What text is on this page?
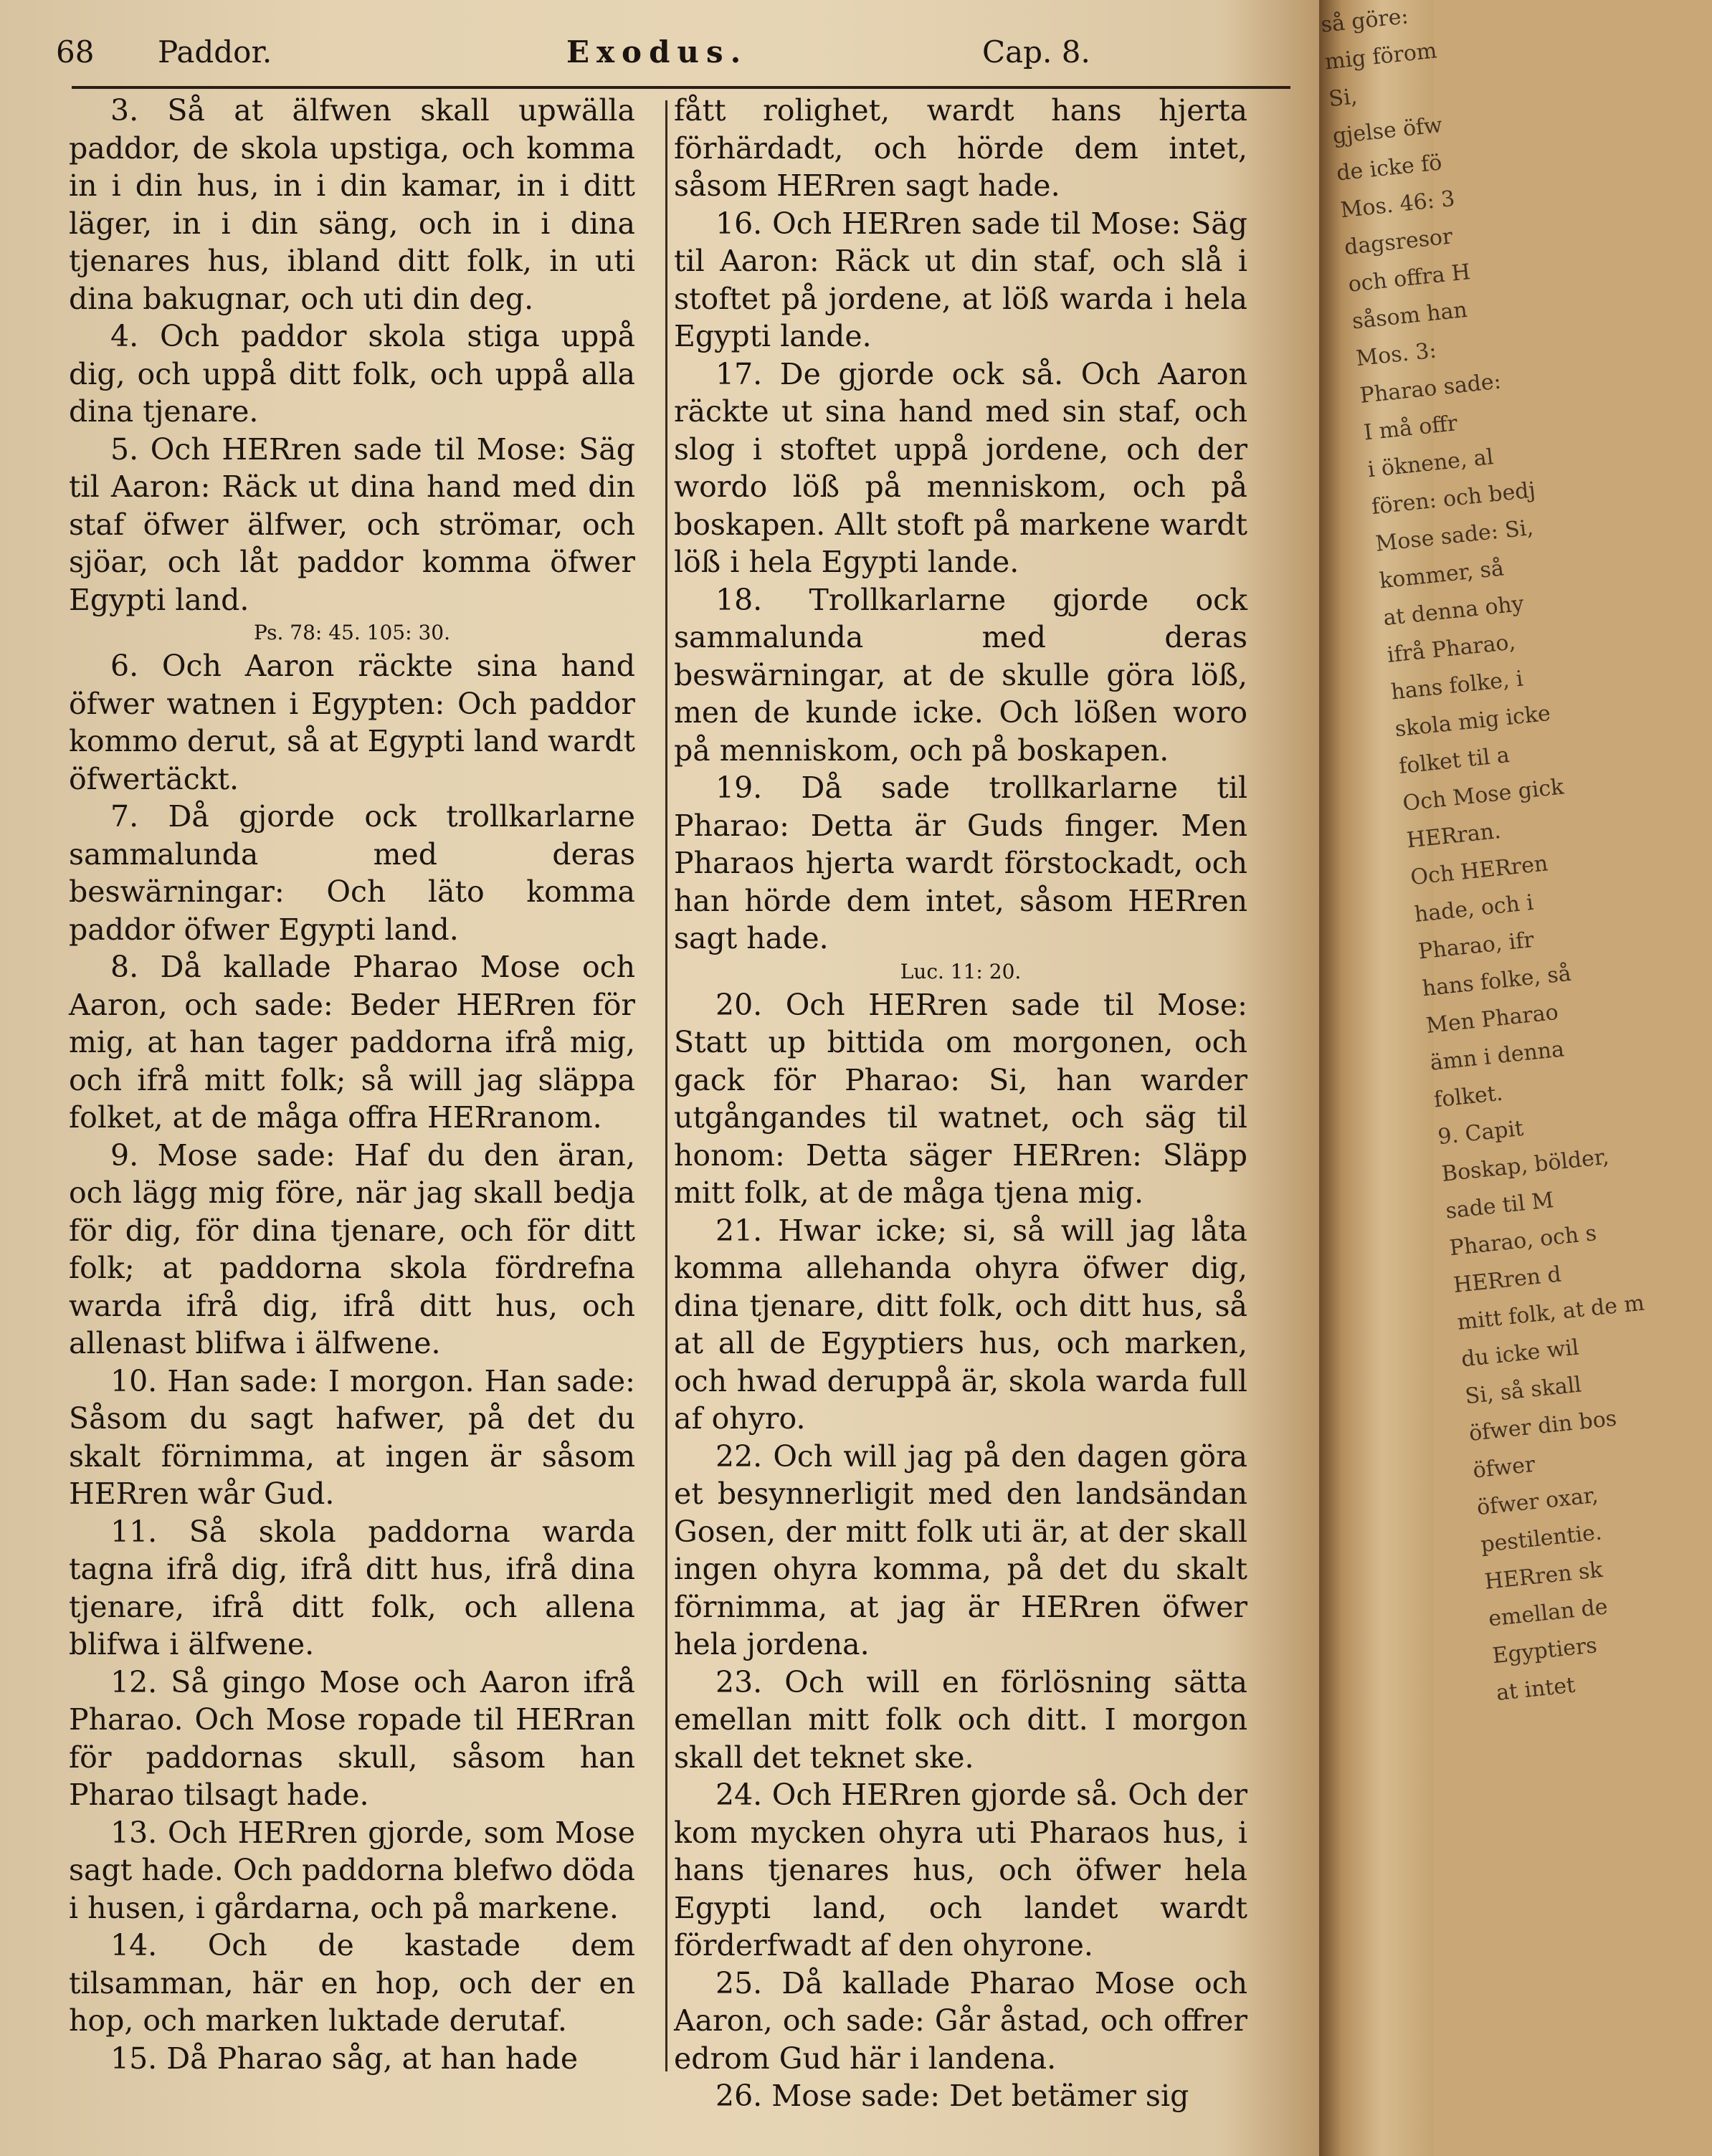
68 Paddor.	Exodus.	Cap. 8.

3. Så at älfwen skall upwälla paddor, de skola upstiga, och komma in i din hus, in i din kamar, in i ditt läger, in i din säng, och in i dina tjenares hus, ibland ditt folk, in uti dina bakugnar, och uti din deg.

4. Och paddor skola stiga uppå dig, och uppå ditt folk, och uppå alla dina tjenare.

5. Och HERren sade til Mose: Säg til Aaron: Räck ut dina hand med din staf öfwer älfwer, och strömar, och sjöar, och låt paddor komma öfwer Egypti land.

Ps. 78: 45. 105: 30.

6. Och Aaron räckte sina hand öfwer watnen i Egypten: Och paddor kommo derut, så at Egypti land wardt öfwertäckt.

7. Då gjorde ock trollkarlarne sammalunda med deras beswärningar: Och läto komma paddor öfwer Egypti land.

8. Då kallade Pharao Mose och Aaron, och sade: Beder HERren för mig, at han tager paddorna ifrå mig, och ifrå mitt folk; så will jag släppa folket, at de måga offra HERranom.

9. Mose sade: Haf du den äran, och lägg mig före, när jag skall bedja för dig, för dina tjenare, och för ditt folk; at paddorna skola fördrefna warda ifrå dig, ifrå ditt hus, och allenast blifwa i älfwene.

10. Han sade: I morgon. Han sade: Såsom du sagt hafwer, på det du skalt förnimma, at ingen är såsom HERren wår Gud.

11. Så skola paddorna warda tagna ifrå dig, ifrå ditt hus, ifrå dina tjenare, ifrå ditt folk, och allena blifwa i älfwene.

12. Så gingo Mose och Aaron ifrå Pharao. Och Mose ropade til HERran för paddornas skull, såsom han Pharao tilsagt hade.

13. Och HERren gjorde, som Mose sagt hade. Och paddorna blefwo döda i husen, i gårdarna, och på markene.

14. Och de kastade dem tilsamman, här en hop, och der en hop, och marken luktade derutaf.

15. Då Pharao såg, at han hade

fått rolighet, wardt hans hjerta förhärdadt, och hörde dem intet, såsom HERren sagt hade.

16. Och HERren sade til Mose: Säg til Aaron: Räck ut din staf, och slå i stoftet på jordene, at löß warda i hela Egypti lande.

17. De gjorde ock så. Och Aaron räckte ut sina hand med sin staf, och slog i stoftet uppå jordene, och der wordo löß på menniskom, och på boskapen. Allt stoft på markene wardt löß i hela Egypti lande.

18. Trollkarlarne gjorde ock sammalunda med deras beswärningar, at de skulle göra löß, men de kunde icke. Och lößen woro på menniskom, och på boskapen.

19. Då sade trollkarlarne til Pharao: Detta är Guds finger. Men Pharaos hjerta wardt förstockadt, och han hörde dem intet, såsom HERren sagt hade.

Luc. 11: 20.

20. Och HERren sade til Mose: Statt up bittida om morgonen, och gack för Pharao: Si, han warder utgångandes til watnet, och säg til honom: Detta säger HERren: Släpp mitt folk, at de måga tjena mig.

21. Hwar icke; si, så will jag låta komma allehanda ohyra öfwer dig, dina tjenare, ditt folk, och ditt hus, så at all de Egyptiers hus, och marken, och hwad deruppå är, skola warda full af ohyro.

22. Och will jag på den dagen göra et besynnerligit med den landsändan Gosen, der mitt folk uti är, at der skall ingen ohyra komma, på det du skalt förnimma, at jag är HERren öfwer hela jordena.

23. Och will en förlösning sätta emellan mitt folk och ditt. I morgon skall det teknet ske.

24. Och HERren gjorde så. Och der kom mycken ohyra uti Pharaos hus, i hans tjenares hus, och öfwer hela Egypti land, och landet wardt förderfwadt af den ohyrone.

25. Då kallade Pharao Mose och Aaron, och sade: Går åstad, och offrer edrom Gud här i landena.

26. Mose sade: Det betämer sig

så göre:
mig förom
Si,
gjelse öfw
de icke fö
Mos. 46: 3
dagsresor
och offra H
såsom han
Mos. 3:
Pharao sade:
I må offr
i öknene, al
fören: och bedj
Mose sade: Si,
kommer, så
at denna ohy
ifrå Pharao,
hans folke, i
skola mig icke
folket til a
Och Mose gick
HERran.
Och HERren
hade, och i
Pharao, ifr
hans folke, så
Men Pharao
ämn i denna
folket.
9. Capit
Boskap, bölder,
sade til M
Pharao, och s
HERren d
mitt folk, at de m
du icke wil
Si, så skall
öfwer din bos
öfwer
öfwer oxar,
pestilentie.
HERren sk
emellan de
Egyptiers
at intet
